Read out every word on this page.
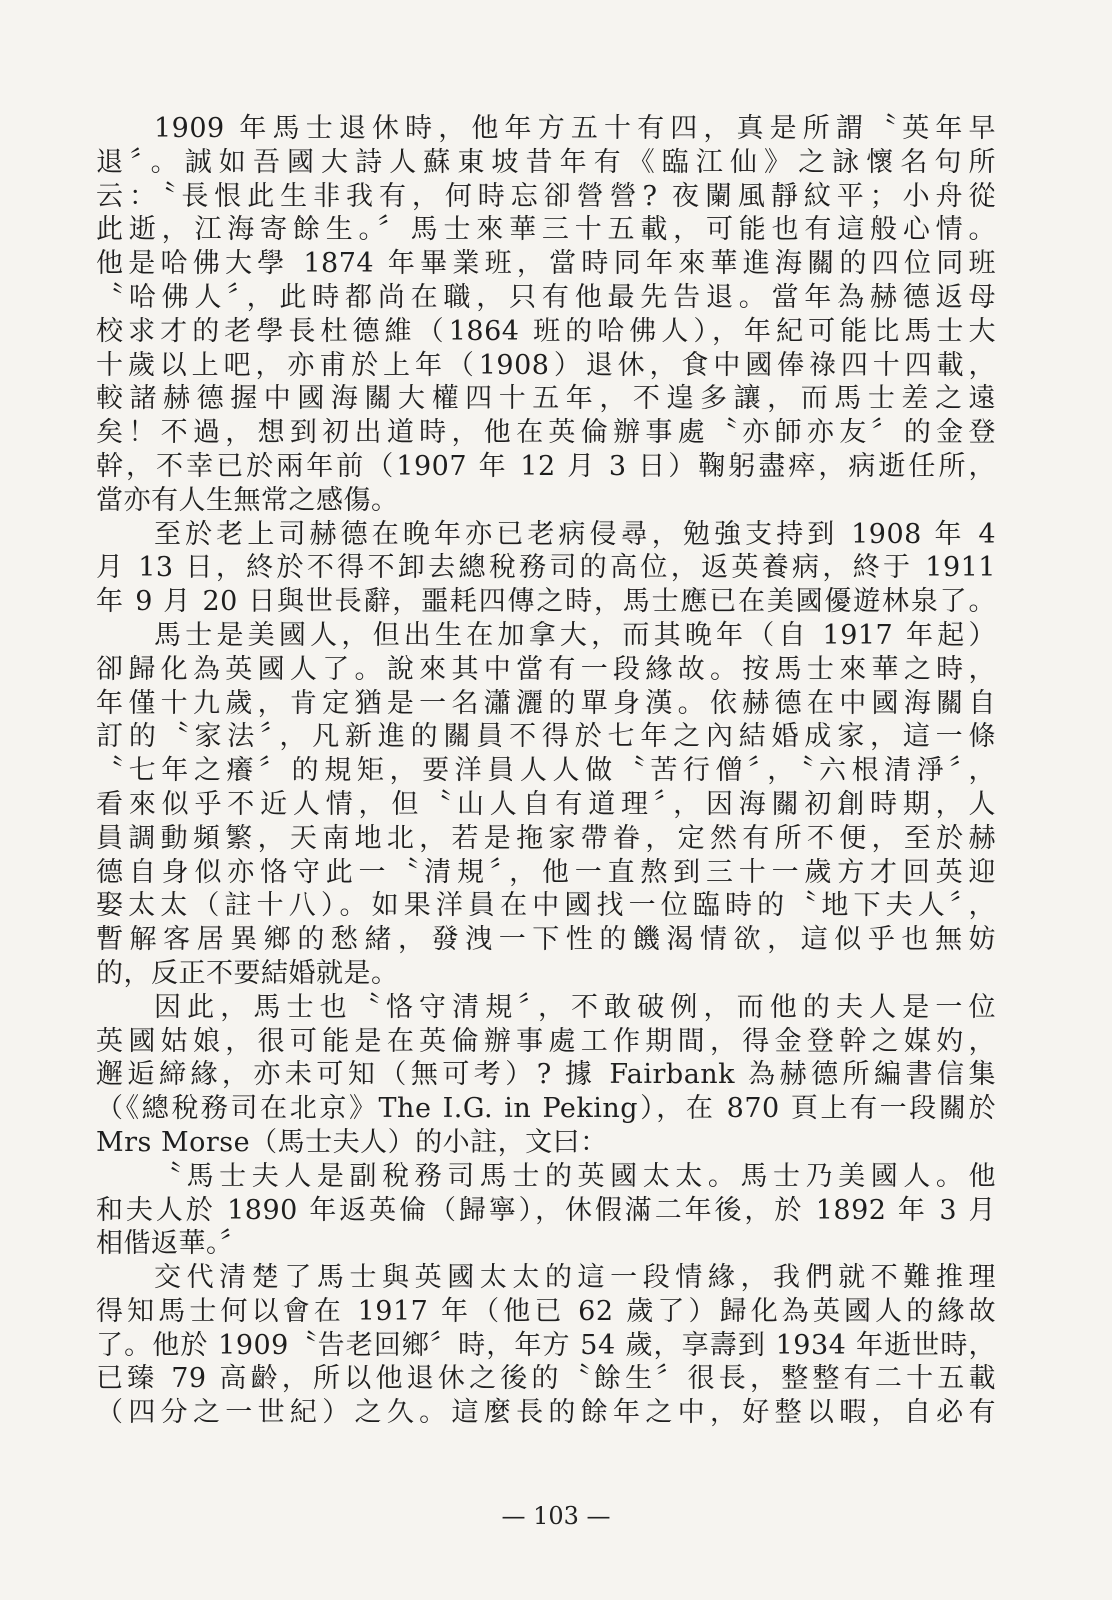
1909 年馬士退休時，他年方五十有四，真是所謂〝英年早
退〞。誠如吾國大詩人蘇東坡昔年有《臨江仙》之詠懷名句所
云：〝長恨此生非我有，何時忘卻營營? 夜闌風靜紋平；小舟從
此逝，江海寄餘生。〞馬士來華三十五載，可能也有這般心情。
他是哈佛大學 1874 年畢業班，當時同年來華進海關的四位同班
〝哈佛人〞，此時都尚在職，只有他最先告退。當年為赫德返母
校求才的老學長杜德維（1864 班的哈佛人），年紀可能比馬士大
十歲以上吧，亦甫於上年（1908）退休，食中國俸祿四十四載，
較諸赫德握中國海關大權四十五年，不遑多讓，而馬士差之遠
矣！不過，想到初出道時，他在英倫辦事處〝亦師亦友〞的金登
幹，不幸已於兩年前（1907 年 12 月 3 日）鞠躬盡瘁，病逝任所，
當亦有人生無常之感傷。
至於老上司赫德在晚年亦已老病侵尋，勉強支持到 1908 年 4
月 13 日，終於不得不卸去總稅務司的高位，返英養病，終于 1911
年 9 月 20 日與世長辭，噩耗四傳之時，馬士應已在美國優遊林泉了。
馬士是美國人，但出生在加拿大，而其晚年（自 1917 年起）
卻歸化為英國人了。說來其中當有一段緣故。按馬士來華之時，
年僅十九歲，肯定猶是一名瀟灑的單身漢。依赫德在中國海關自
訂的〝家法〞，凡新進的關員不得於七年之內結婚成家，這一條
〝七年之癢〞的規矩，要洋員人人做〝苦行僧〞，〝六根清淨〞，
看來似乎不近人情，但〝山人自有道理〞，因海關初創時期，人
員調動頻繁，天南地北，若是拖家帶眷，定然有所不便，至於赫
德自身似亦恪守此一〝清規〞，他一直熬到三十一歲方才回英迎
娶太太（註十八）。如果洋員在中國找一位臨時的〝地下夫人〞，
暫解客居異鄉的愁緒，發洩一下性的饑渴情欲，這似乎也無妨
的，反正不要結婚就是。
因此，馬士也〝恪守清規〞，不敢破例，而他的夫人是一位
英國姑娘，很可能是在英倫辦事處工作期間，得金登幹之媒妁，
邂逅締緣，亦未可知（無可考）? 據 Fairbank 為赫德所編書信集
（《總稅務司在北京》The I.G. in Peking），在 870 頁上有一段關於
Mrs Morse（馬士夫人）的小註，文曰：
〝馬士夫人是副稅務司馬士的英國太太。馬士乃美國人。他
和夫人於 1890 年返英倫（歸寧），休假滿二年後，於 1892 年 3 月
相偕返華。〞
交代清楚了馬士與英國太太的這一段情緣，我們就不難推理
得知馬士何以會在 1917 年（他已 62 歲了）歸化為英國人的緣故
了。他於 1909〝告老回鄉〞時，年方 54 歲，享壽到 1934 年逝世時，
已臻 79 高齡，所以他退休之後的〝餘生〞很長，整整有二十五載
（四分之一世紀）之久。這麼長的餘年之中，好整以暇，自必有
— 103 —
